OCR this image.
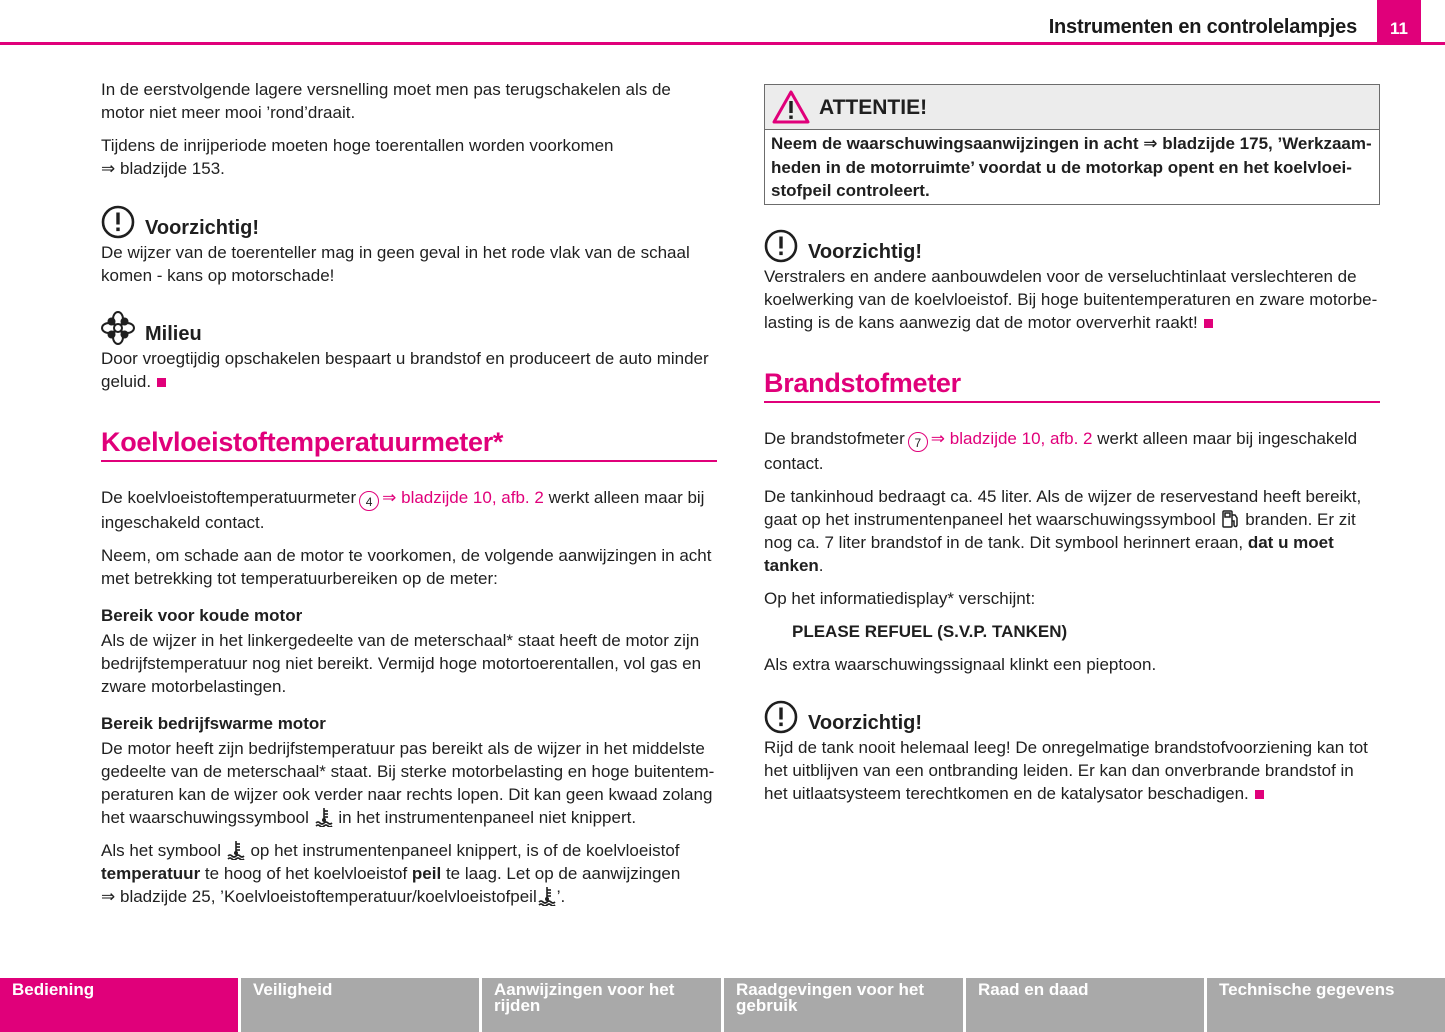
Instrumenten en controlelampjes 11

In de eerstvolgende lagere versnelling moet men pas terugschakelen als de motor niet meer mooi ’rond’draait.

Tijdens de inrijperiode moeten hoge toerentallen worden voorkomen
⇒ bladzijde 153.

Voorzichtig!

De wijzer van de toerenteller mag in geen geval in het rode vlak van de schaal komen - kans op motorschade!

Milieu

Door vroegtijdig opschakelen bespaart u brandstof en produceert de auto minder geluid.

Koelvloeistoftemperatuurmeter*

De koelvloeistoftemperatuurmeter 4 ⇒ bladzijde 10, afb. 2 werkt alleen maar bij ingeschakeld contact.

Neem, om schade aan de motor te voorkomen, de volgende aanwijzingen in acht met betrekking tot temperatuurbereiken op de meter:

Bereik voor koude motor

Als de wijzer in het linkergedeelte van de meterschaal* staat heeft de motor zijn bedrijfstemperatuur nog niet bereikt. Vermijd hoge motortoerentallen, vol gas en zware motorbelastingen.

Bereik bedrijfswarme motor

De motor heeft zijn bedrijfstemperatuur pas bereikt als de wijzer in het middelste gedeelte van de meterschaal* staat. Bij sterke motorbelasting en hoge buitentem-peraturen kan de wijzer ook verder naar rechts lopen. Dit kan geen kwaad zolang het waarschuwingssymbool in het instrumentenpaneel niet knippert.

Als het symbool op het instrumentenpaneel knippert, is of de koelvloeistof temperatuur te hoog of het koelvloeistof peil te laag. Let op de aanwijzingen
⇒ bladzijde 25, ’Koelvloeistoftemperatuur/koelvloeistofpeil ’.

ATTENTIE!
Neem de waarschuwingsaanwijzingen in acht ⇒ bladzijde 175, ’Werkzaam-heden in de motorruimte’ voordat u de motorkap opent en het koelvloei-stofpeil controleert.
Voorzichtig!

Verstralers en andere aanbouwdelen voor de verseluchtinlaat verslechteren de koelwerking van de koelvloeistof. Bij hoge buitentemperaturen en zware motorbe-lasting is de kans aanwezig dat de motor oververhit raakt!

Brandstofmeter

De brandstofmeter 7 ⇒ bladzijde 10, afb. 2 werkt alleen maar bij ingeschakeld contact.

De tankinhoud bedraagt ca. 45 liter. Als de wijzer de reservestand heeft bereikt, gaat op het instrumentenpaneel het waarschuwingssymbool branden. Er zit nog ca. 7 liter brandstof in de tank. Dit symbool herinnert eraan, dat u moet tanken.

Op het informatiedisplay* verschijnt:

PLEASE REFUEL (S.V.P. TANKEN)

Als extra waarschuwingssignaal klinkt een pieptoon.

Voorzichtig!

Rijd de tank nooit helemaal leeg! De onregelmatige brandstofvoorziening kan tot het uitblijven van een ontbranding leiden. Er kan dan onverbrande brandstof in het uitlaatsysteem terechtkomen en de katalysator beschadigen.

Bediening	Veiligheid	Aanwijzingen voor het rijden
Raadgevingen voor het gebruik
Raad en daad	Technische gegevens
